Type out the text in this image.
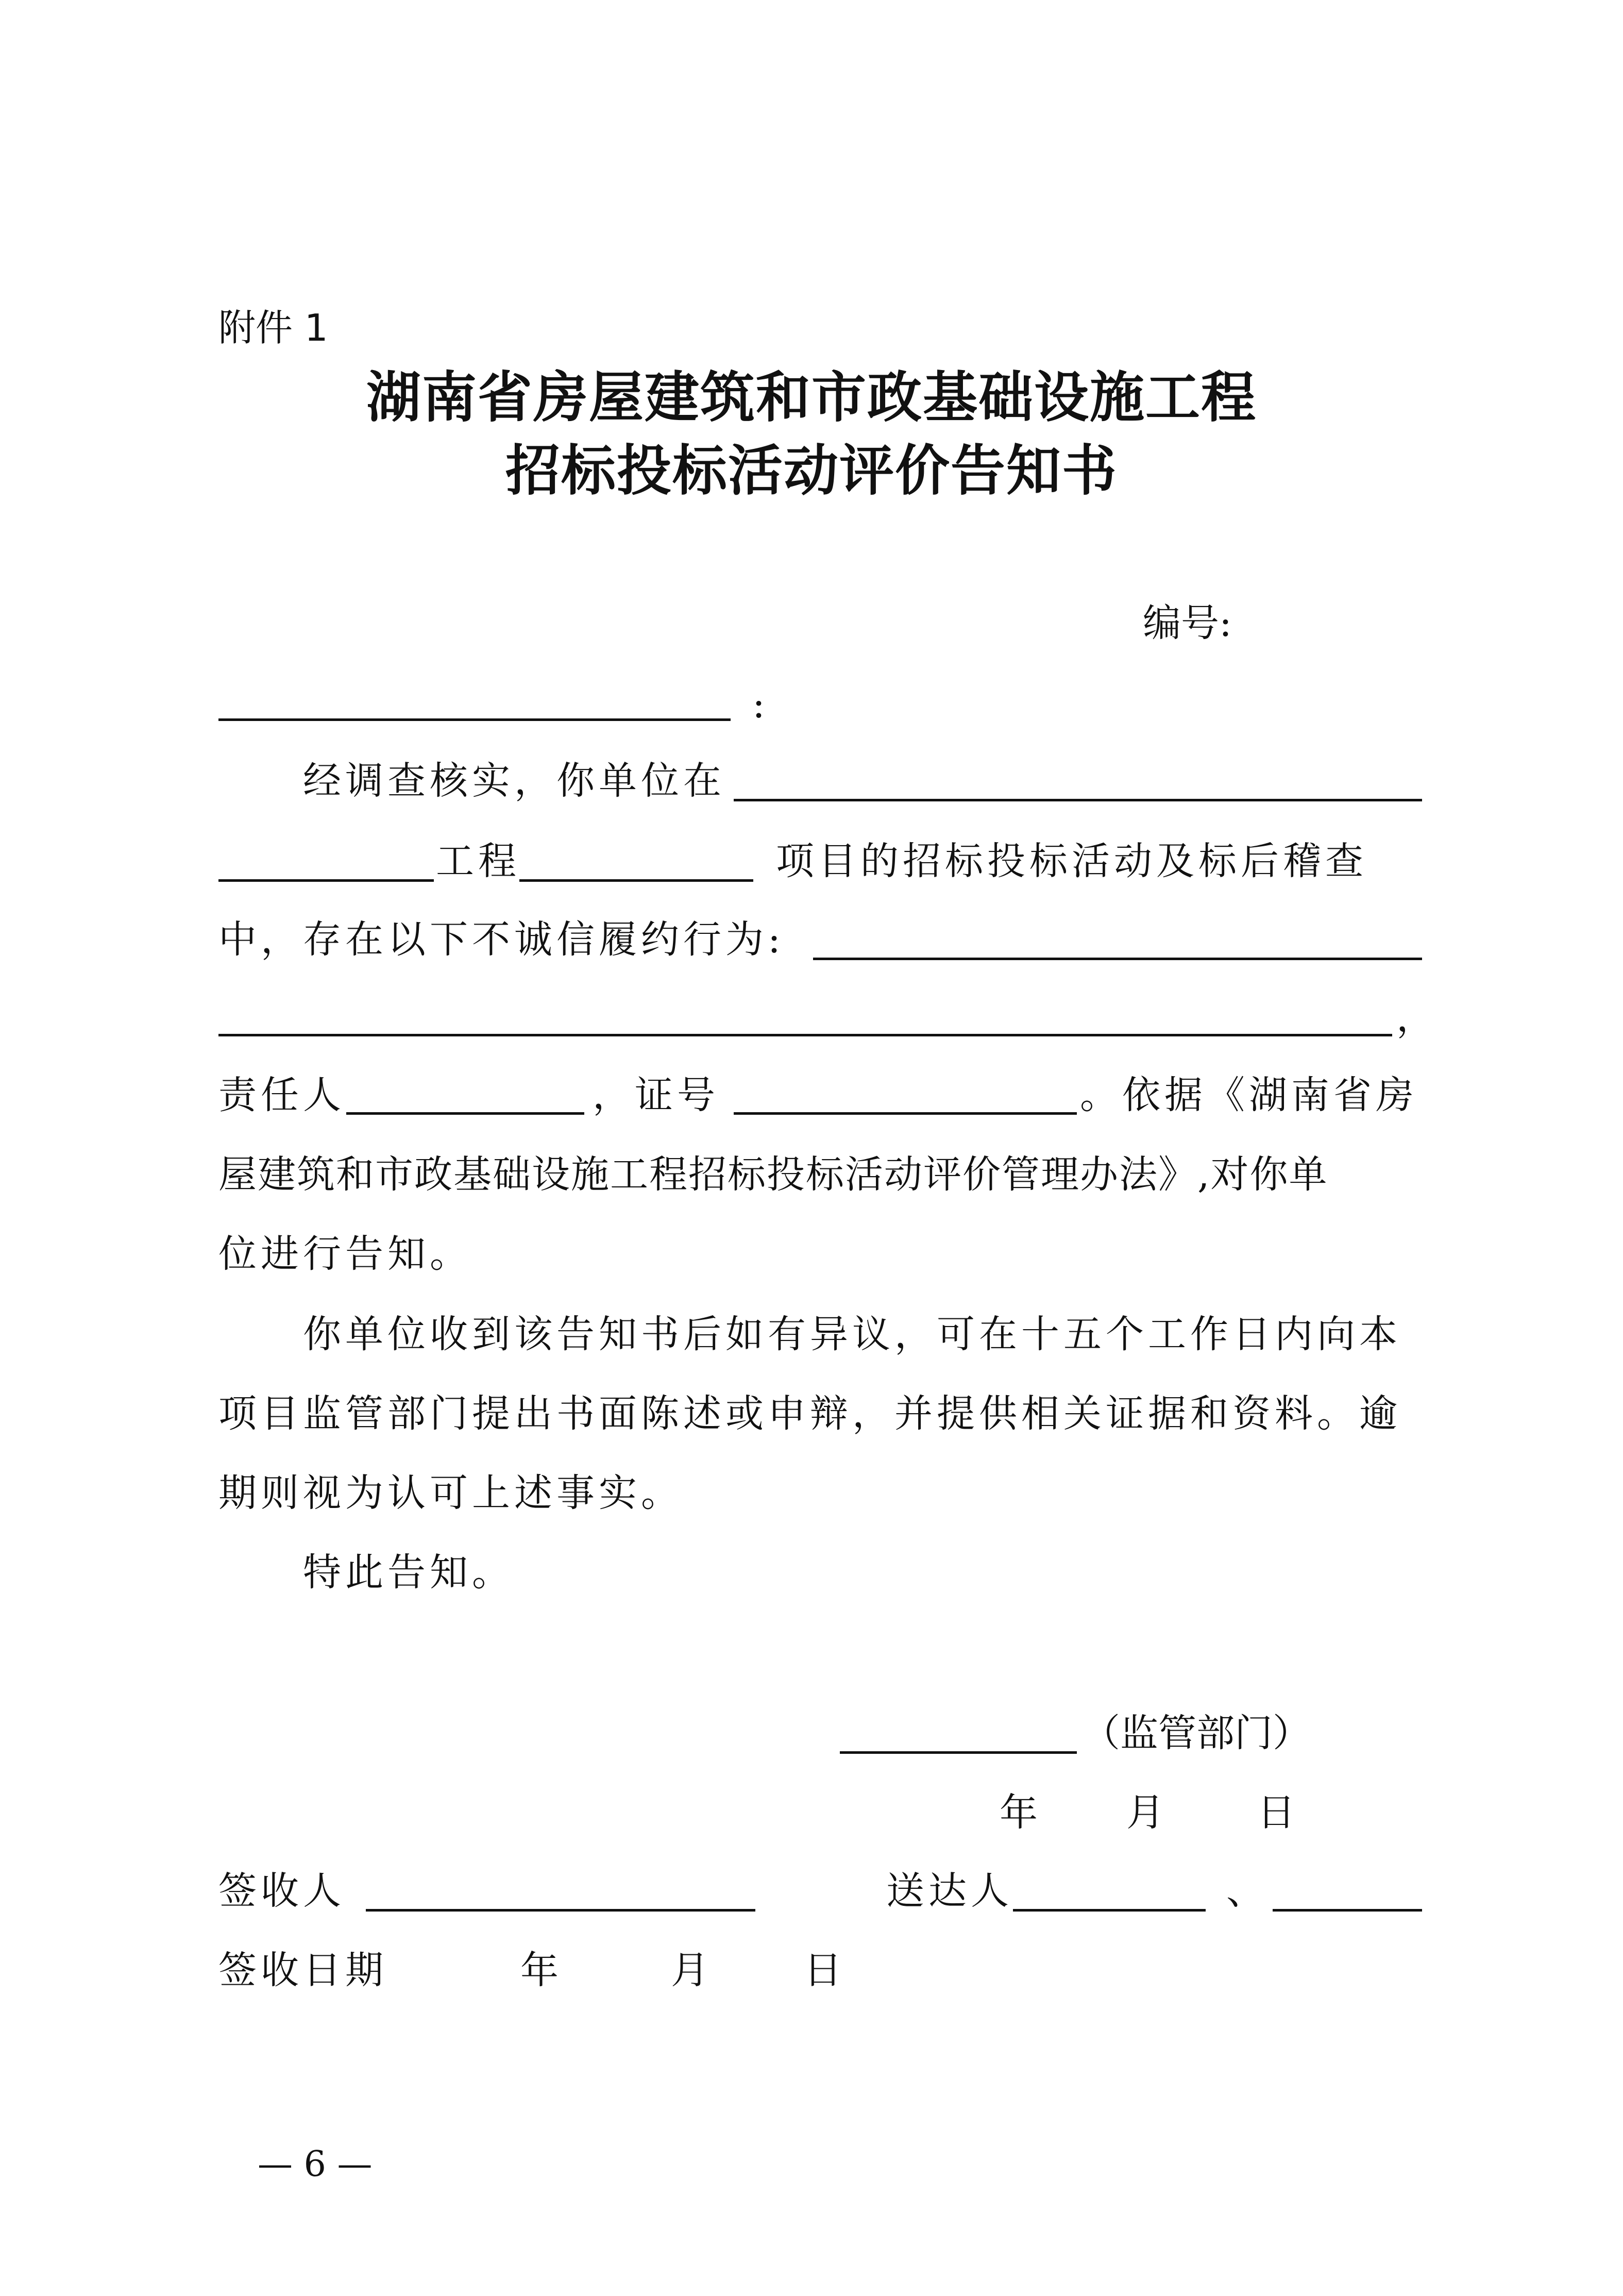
附件 1
湖南省房屋建筑和市政基础设施工程
招标投标活动评价告知书
编号:
:
经调查核实，你单位在
工程	项目的招标投标活动及标后稽查
中，存在以下不诚信履约行为:
，
责任人	，证号	。依据《湖南省房
屋建筑和市政基础设施工程招标投标活动评价管理办法》,对你单
位进行告知。
你单位收到该告知书后如有异议，可在十五个工作日内向本
项目监管部门提出书面陈述或申辩，并提供相关证据和资料。逾
期则视为认可上述事实。
特此告知。
（监管部门）
年 月 日
签收人	送达人	、
签收日期	年	月 日
— 6 —
